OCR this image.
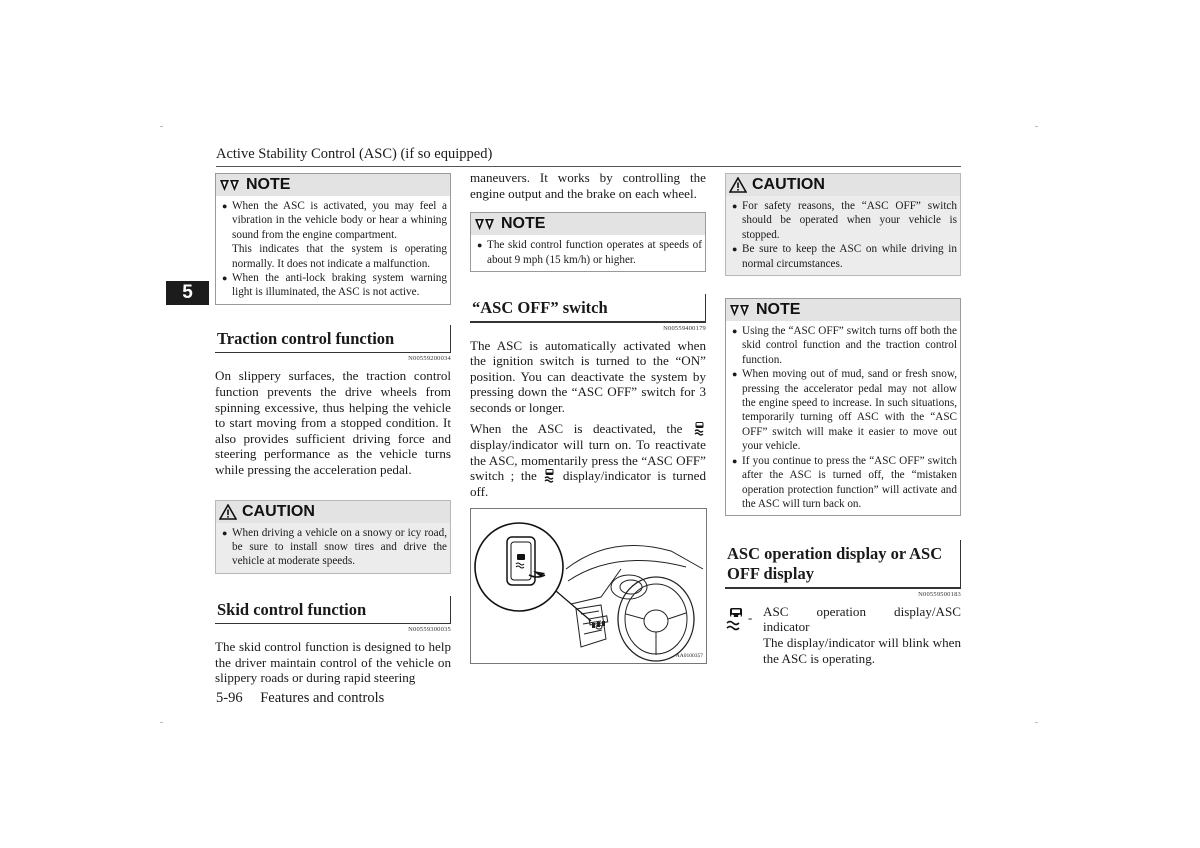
Active Stability Control (ASC) (if so equipped)
5
NOTE
● When the ASC is activated, you may feel a vibration in the vehicle body or hear a whining sound from the engine compartment.
This indicates that the system is operating normally. It does not indicate a malfunction.
● When the anti-lock braking system warning light is illuminated, the ASC is not active.
Traction control function
N00559200034

On slippery surfaces, the traction control function prevents the drive wheels from spinning excessive, thus helping the vehicle to start moving from a stopped condition. It also provides sufficient driving force and steering performance as the vehicle turns while pressing the acceleration pedal.

CAUTION
● When driving a vehicle on a snowy or icy road, be sure to install snow tires and drive the vehicle at moderate speeds.
Skid control function
N00559300035

The skid control function is designed to help the driver maintain control of the vehicle on slippery roads or during rapid steering

maneuvers. It works by controlling the engine output and the brake on each wheel.

NOTE
● The skid control function operates at speeds of about 9 mph (15 km/h) or higher.
“ASC OFF” switch
N00559400179

The ASC is automatically activated when the ignition switch is turned to the “ON” position. You can deactivate the system by pressing down the “ASC OFF” switch for 3 seconds or longer.

When the ASC is deactivated, the  display/indicator will turn on. To reactivate the ASC, momentarily press the “ASC OFF” switch ; the display/indicator is turned off.

AA0100357
CAUTION
● For safety reasons, the “ASC OFF” switch should be operated when your vehicle is stopped.
● Be sure to keep the ASC on while driving in normal circumstances.
NOTE
● Using the “ASC OFF” switch turns off both the skid control function and the traction control function.
● When moving out of mud, sand or fresh snow, pressing the accelerator pedal may not allow the engine speed to increase. In such situations, temporarily turning off ASC with the “ASC OFF” switch will make it easier to move out your vehicle.
● If you continue to press the “ASC OFF” switch after the ASC is turned off, the “mistaken operation protection function” will activate and the ASC will turn back on.
ASC operation display or ASC OFF display
N00559500183
- ASC operation display/ASC indicator

The display/indicator will blink when the ASC is operating.

5-96 Features and controls
